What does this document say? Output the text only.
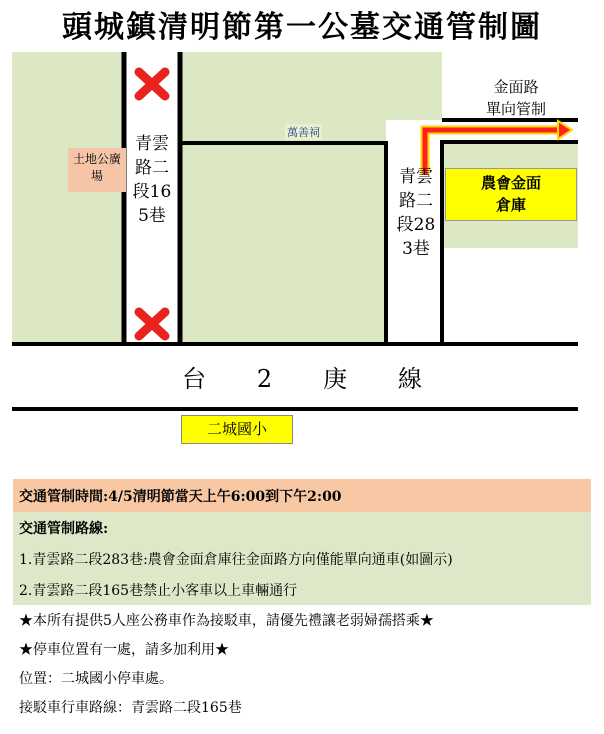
頭城鎮清明節第一公墓交通管制圖
青雲路二段165巷
青雲路二段283巷
土地公廣場
萬善祠
金面路
單向管制
農會金面
倉庫
台 2 庚 線
二城國小
交通管制時間:4/5清明節當天上午6:00到下午2:00
交通管制路線:
1.青雲路二段283巷:農會金面倉庫往金面路方向僅能單向通車(如圖示)
2.青雲路二段165巷禁止小客車以上車輛通行
★本所有提供5人座公務車作為接駁車，請優先禮讓老弱婦孺搭乘★
★停車位置有一處，請多加利用★
位置：二城國小停車處。
接駁車行車路線：青雲路二段165巷
